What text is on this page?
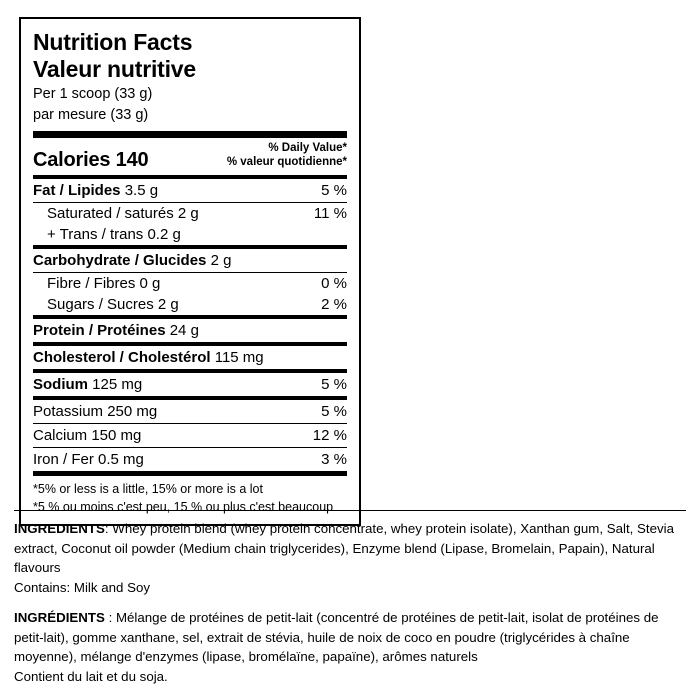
Nutrition Facts
Valeur nutritive
Per 1 scoop (33 g)
par mesure (33 g)
Calories 140
% Daily Value*
% valeur quotidienne*
Fat / Lipides 3.5 g	5 %
Saturated / saturés 2 g	11 %
+ Trans / trans 0.2 g
Carbohydrate / Glucides 2 g
Fibre / Fibres 0 g	0 %
Sugars / Sucres 2 g	2 %
Protein / Protéines 24 g
Cholesterol / Cholestérol 115 mg
Sodium 125 mg	5 %
Potassium 250 mg	5 %
Calcium 150 mg	12 %
Iron / Fer 0.5 mg	3 %
*5% or less is a little, 15% or more is a lot
*5 % ou moins c'est peu, 15 % ou plus c'est beaucoup

INGREDIENTS: Whey protein blend (whey protein concentrate, whey protein isolate), Xanthan gum, Salt, Stevia extract, Coconut oil powder (Medium chain triglycerides), Enzyme blend (Lipase, Bromelain, Papain), Natural flavours

Contains: Milk and Soy

INGRÉDIENTS : Mélange de protéines de petit-lait (concentré de protéines de petit-lait, isolat de protéines de petit-lait), gomme xanthane, sel, extrait de stévia, huile de noix de coco en poudre (triglycérides à chaîne moyenne), mélange d'enzymes (lipase, bromélaïne, papaïne), arômes naturels

Contient du lait et du soja.
